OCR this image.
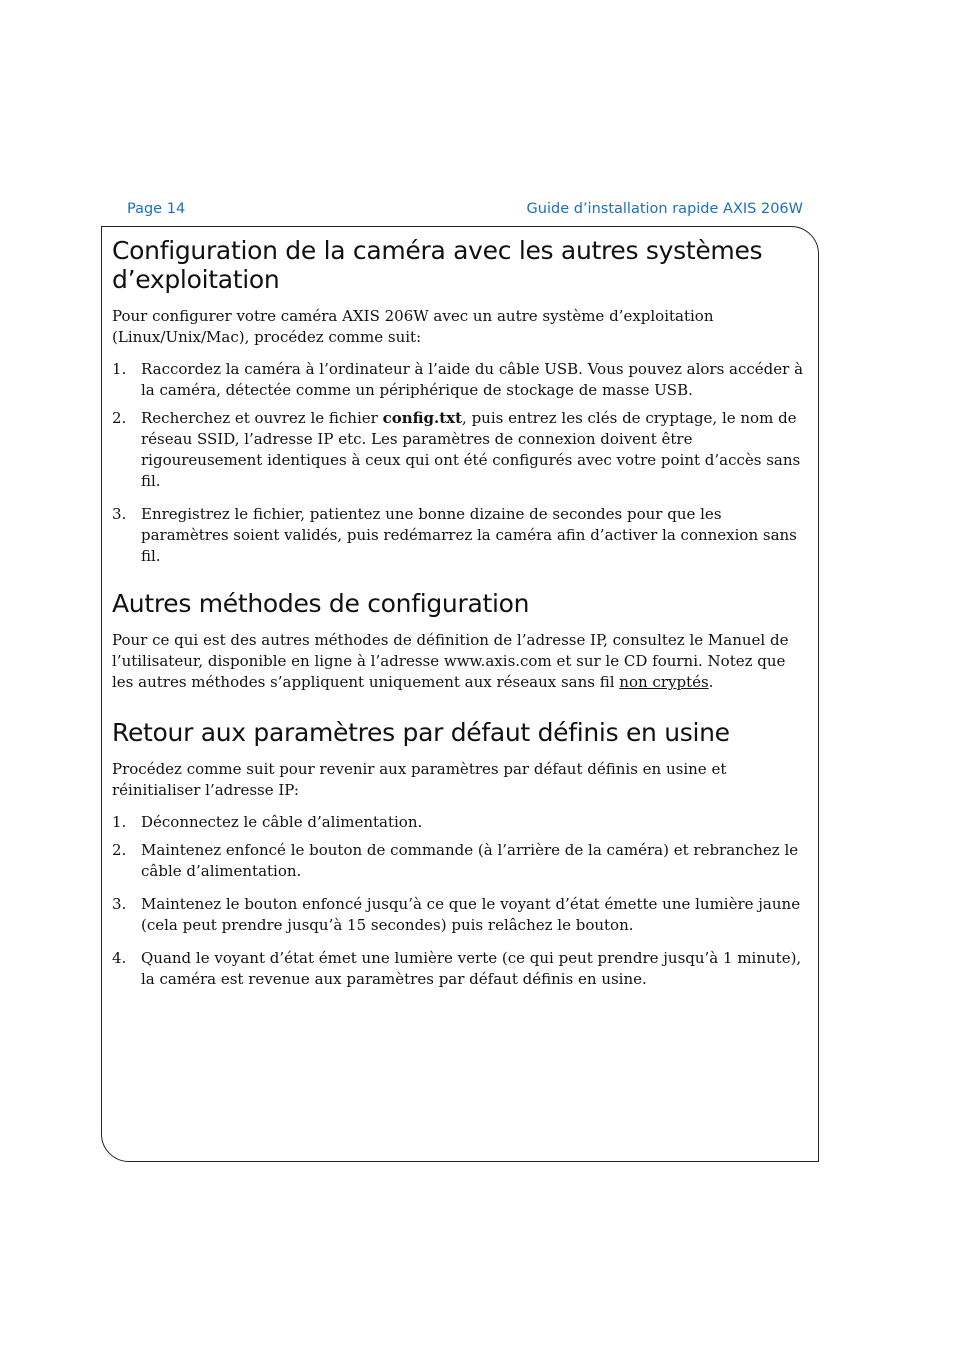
Page 14	Guide d’installation rapide AXIS 206W
Configuration de la caméra avec les autres systèmes d’exploitation

Pour configurer votre caméra AXIS 206W avec un autre système d’exploitation (Linux/Unix/Mac), procédez comme suit:

1. Raccordez la caméra à l’ordinateur à l’aide du câble USB. Vous pouvez alors accéder à la caméra, détectée comme un périphérique de stockage de masse USB.
2. Recherchez et ouvrez le fichier config.txt, puis entrez les clés de cryptage, le nom de réseau SSID, l’adresse IP etc. Les paramètres de connexion doivent être rigoureusement identiques à ceux qui ont été configurés avec votre point d’accès sans fil.
3. Enregistrez le fichier, patientez une bonne dizaine de secondes pour que les paramètres soient validés, puis redémarrez la caméra afin d’activer la connexion sans fil.
Autres méthodes de configuration

Pour ce qui est des autres méthodes de définition de l’adresse IP, consultez le Manuel de l’utilisateur, disponible en ligne à l’adresse www.axis.com et sur le CD fourni. Notez que les autres méthodes s’appliquent uniquement aux réseaux sans fil non cryptés.

Retour aux paramètres par défaut définis en usine

Procédez comme suit pour revenir aux paramètres par défaut définis en usine et réinitialiser l’adresse IP:

1. Déconnectez le câble d’alimentation.
2. Maintenez enfoncé le bouton de commande (à l’arrière de la caméra) et rebranchez le câble d’alimentation.
3. Maintenez le bouton enfoncé jusqu’à ce que le voyant d’état émette une lumière jaune (cela peut prendre jusqu’à 15 secondes) puis relâchez le bouton.
4. Quand le voyant d’état émet une lumière verte (ce qui peut prendre jusqu’à 1 minute), la caméra est revenue aux paramètres par défaut définis en usine.
